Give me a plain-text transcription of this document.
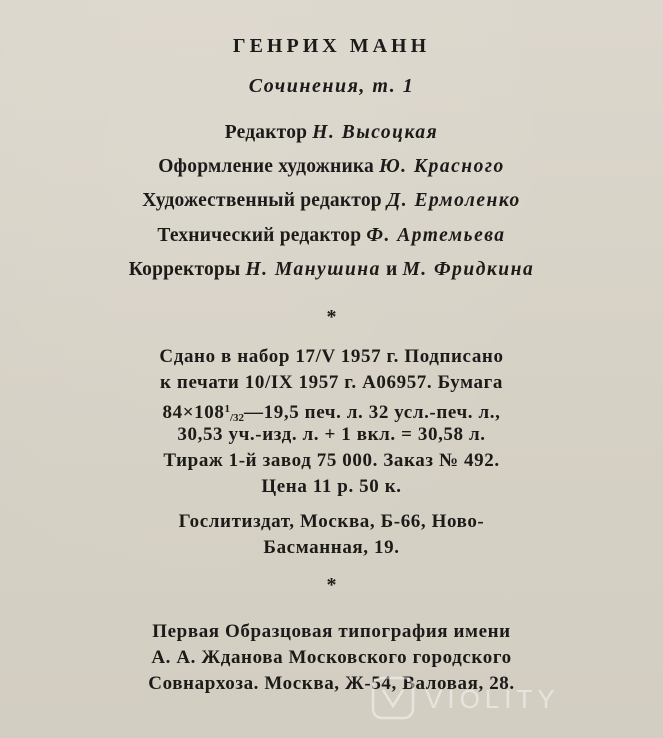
ГЕНРИХ МАНН
Сочинения, т. 1
Редактор Н. Высоцкая
Оформление художника Ю. Красного
Художественный редактор Д. Ермоленко
Технический редактор Ф. Артемьева
Корректоры Н. Манушина и М. Фридкина
*
Сдано в набор 17/V 1957 г. Подписано
к печати 10/IX 1957 г. А06957. Бумага
$84\times 108^1/32—19,5$ печ. л. 32 усл.-печ. л.,
30,53 уч.-изд. л. + 1 вкл. = 30,58 л.
Тираж 1-й завод 75 000. Заказ № 492.
Цена 11 р. 50 к.
Гослитиздат, Москва, Б-66, Ново-
Басманная, 19.
*
Первая Образцовая типография имени
А. А. Жданова Московского городского
Совнархоза. Москва, Ж-54, Валовая, 28.
VIOLITY
